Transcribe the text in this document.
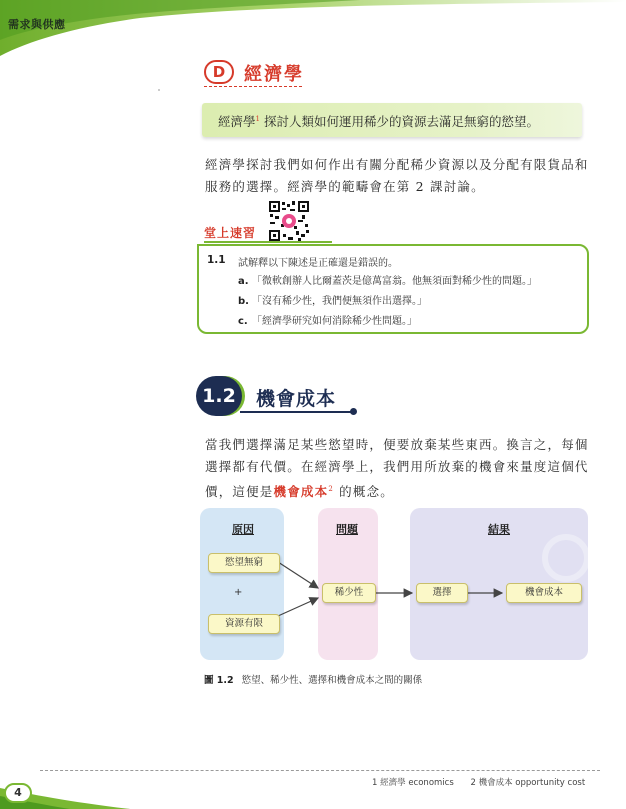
需求與供應
D	經濟學
經濟學$^1$ 探討人類如何運用稀少的資源去滿足無窮的慾望。
經濟學探討我們如何作出有關分配稀少資源以及分配有限貨品和服務的選擇。經濟學的範疇會在第 2 課討論。
堂上速習
1.1 試解釋以下陳述是正確還是錯誤的。
a. 「微軟創辦人比爾蓋茨是億萬富翁。他無須面對稀少性的問題。」
b. 「沒有稀少性，我們便無須作出選擇。」
c. 「經濟學研究如何消除稀少性問題。」
1.2	機會成本
當我們選擇滿足某些慾望時，便要放棄某些東西。換言之，每個選擇都有代價。在經濟學上，我們用所放棄的機會來量度這個代價，這便是機會成本$^2$ 的概念。
原因	問題	結果
慾望無窮
+
資源有限
稀少性	選擇	機會成本
圖 1.2 慾望、稀少性、選擇和機會成本之間的關係
1 經濟學 economics 2 機會成本 opportunity cost
4
